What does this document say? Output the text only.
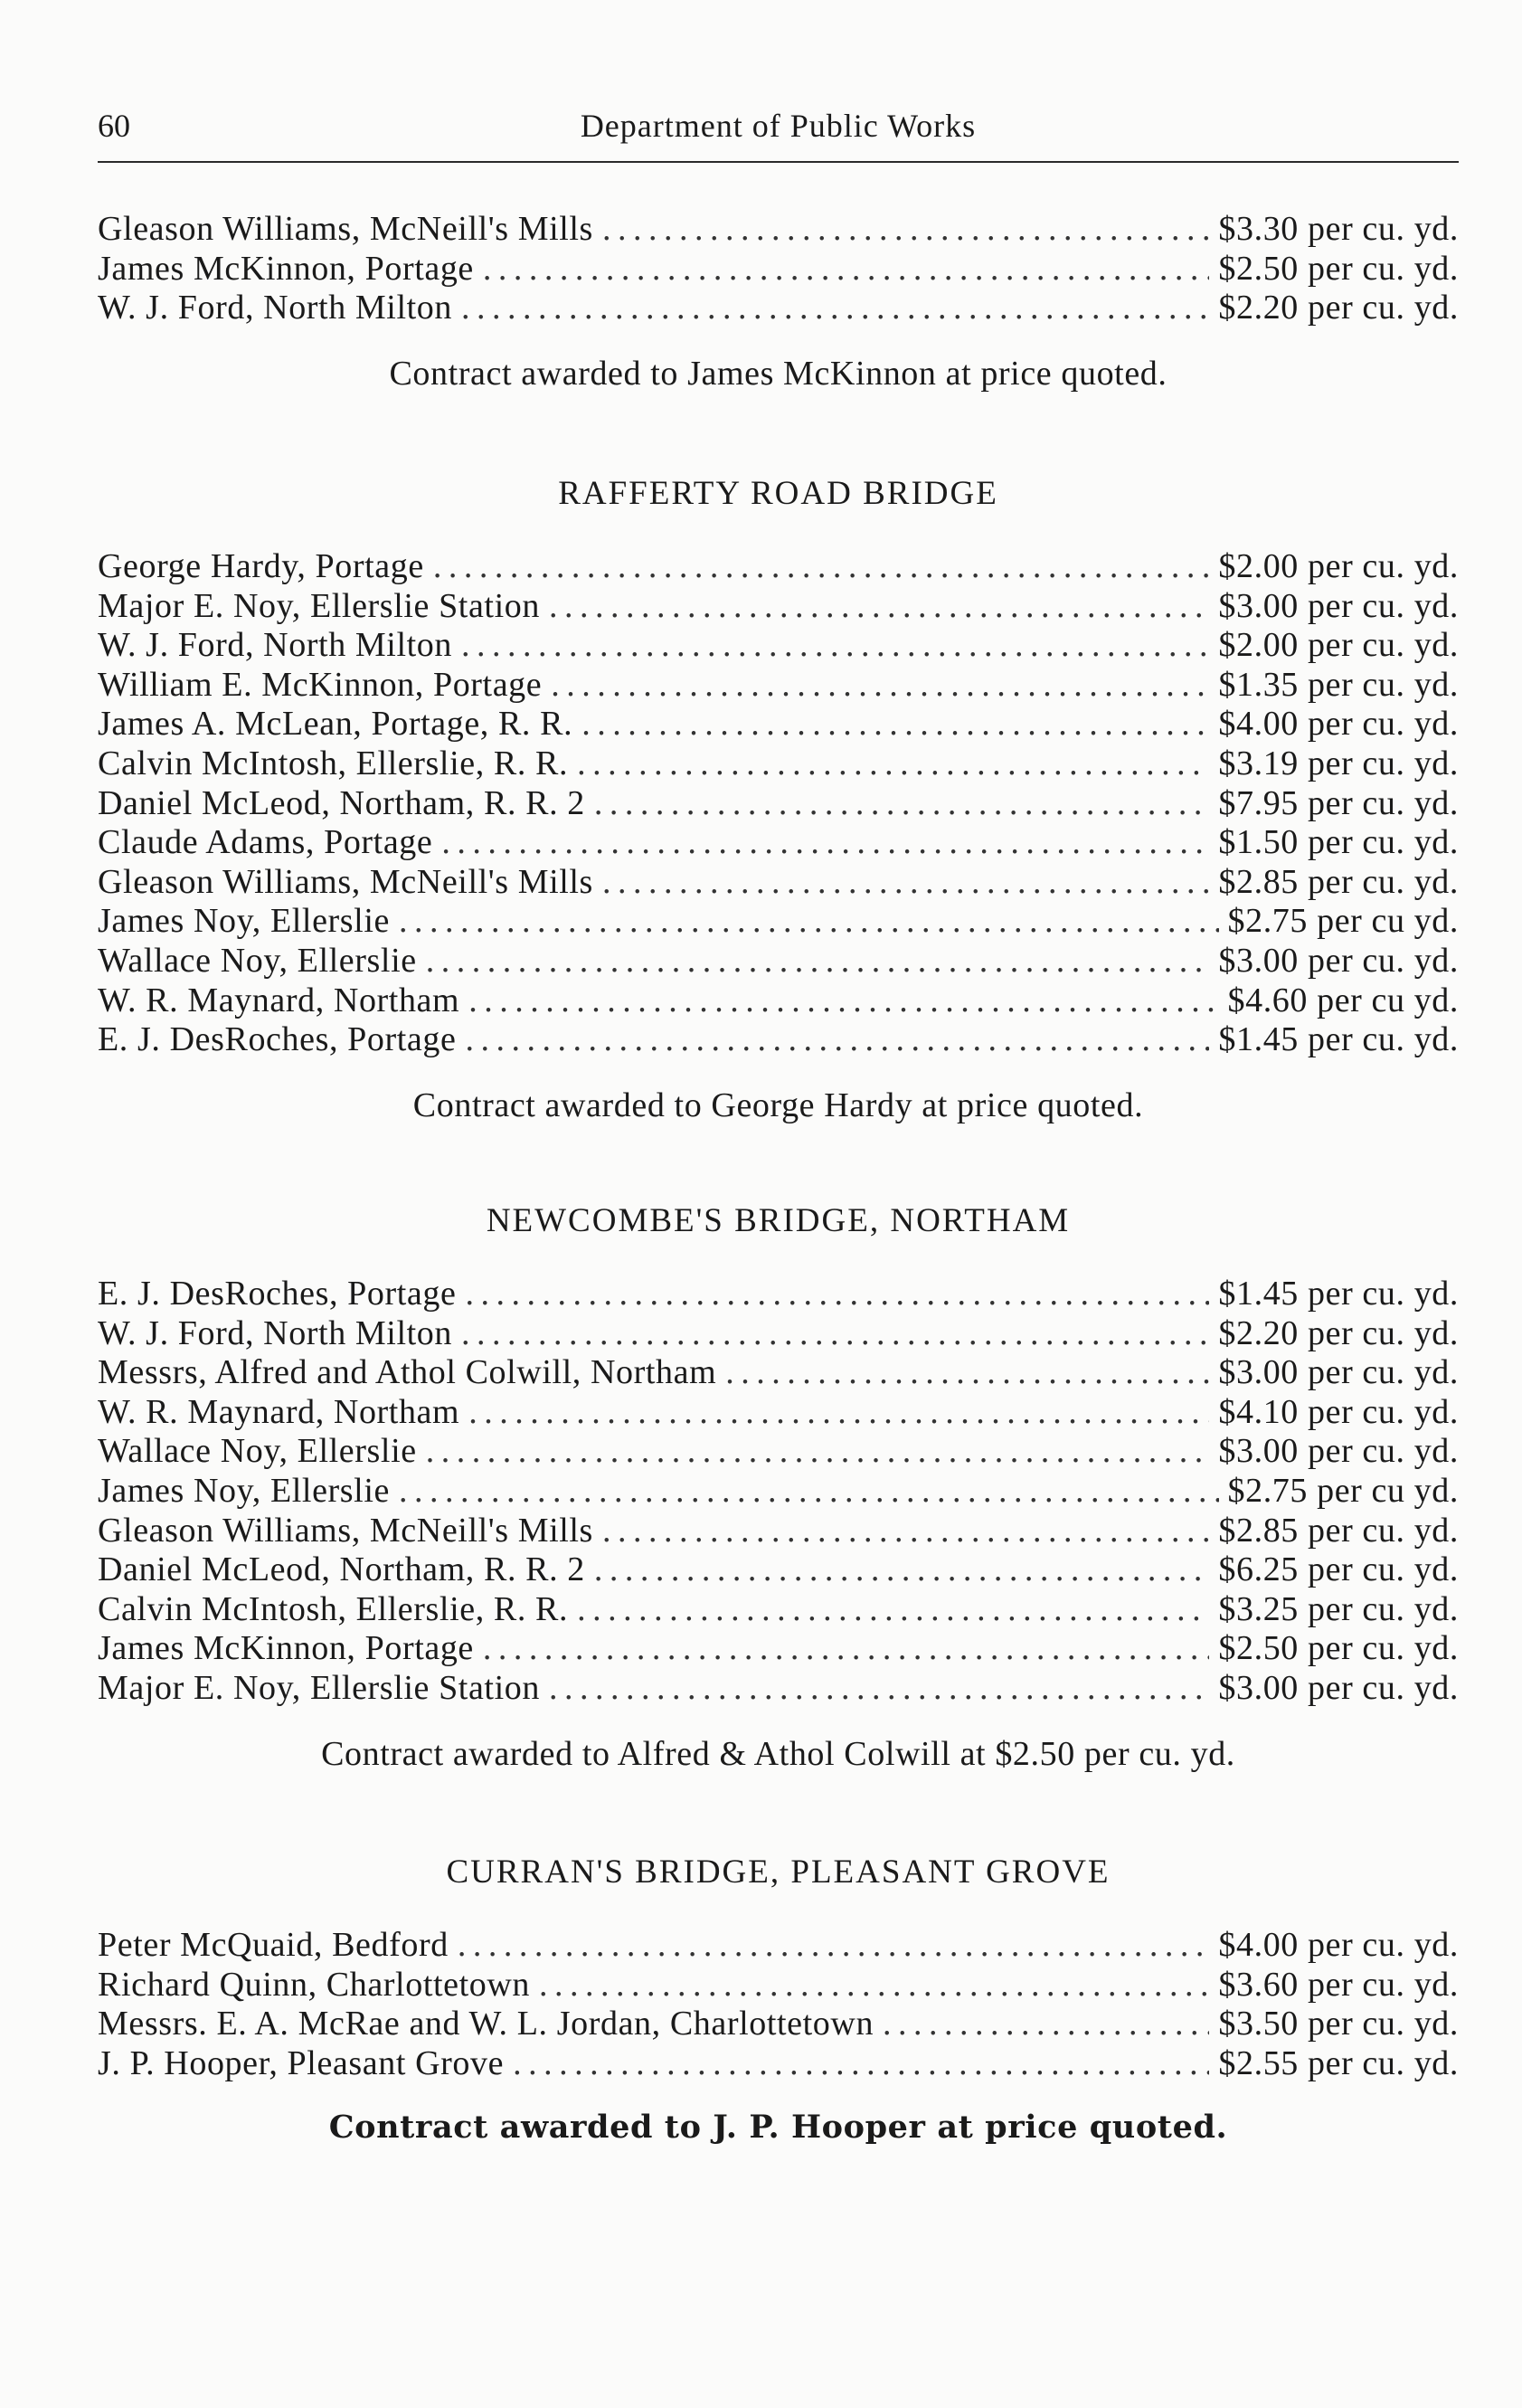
60	Department of Public Works
Gleason Williams, McNeill's Mills . . .	$3.30 per cu. yd.
James McKinnon, Portage . . .	$2.50 per cu. yd.
W. J. Ford, North Milton . . .	$2.20 per cu. yd.
Contract awarded to James McKinnon at price quoted.
RAFFERTY ROAD BRIDGE
George Hardy, Portage . . .	$2.00 per cu. yd.
Major E. Noy, Ellerslie Station . . .	$3.00 per cu. yd.
W. J. Ford, North Milton . . .	$2.00 per cu. yd.
William E. McKinnon, Portage . . .	$1.35 per cu. yd.
James A. McLean, Portage, R. R. . . .	$4.00 per cu. yd.
Calvin McIntosh, Ellerslie, R. R. . . .	$3.19 per cu. yd.
Daniel McLeod, Northam, R. R. 2 . . .	$7.95 per cu. yd.
Claude Adams, Portage . . .	$1.50 per cu. yd.
Gleason Williams, McNeill's Mills . . .	$2.85 per cu. yd.
James Noy, Ellerslie . . .	$2.75 per cu yd.
Wallace Noy, Ellerslie . . .	$3.00 per cu. yd.
W. R. Maynard, Northam . . .	$4.60 per cu yd.
E. J. DesRoches, Portage . . .	$1.45 per cu. yd.
Contract awarded to George Hardy at price quoted.
NEWCOMBE'S BRIDGE, NORTHAM
E. J. DesRoches, Portage . . .	$1.45 per cu. yd.
W. J. Ford, North Milton . . .	$2.20 per cu. yd.
Messrs, Alfred and Athol Colwill, Northam . . .	$3.00 per cu. yd.
W. R. Maynard, Northam . . .	$4.10 per cu. yd.
Wallace Noy, Ellerslie . . .	$3.00 per cu. yd.
James Noy, Ellerslie . . .	$2.75 per cu yd.
Gleason Williams, McNeill's Mills . . .	$2.85 per cu. yd.
Daniel McLeod, Northam, R. R. 2 . . .	$6.25 per cu. yd.
Calvin McIntosh, Ellerslie, R. R. . . .	$3.25 per cu. yd.
James McKinnon, Portage . . .	$2.50 per cu. yd.
Major E. Noy, Ellerslie Station . . .	$3.00 per cu. yd.
Contract awarded to Alfred & Athol Colwill at $2.50 per cu. yd.
CURRAN'S BRIDGE, PLEASANT GROVE
Peter McQuaid, Bedford . . .	$4.00 per cu. yd.
Richard Quinn, Charlottetown . . .	$3.60 per cu. yd.
Messrs. E. A. McRae and W. L. Jordan, Charlottetown . . .	$3.50 per cu. yd.
J. P. Hooper, Pleasant Grove . . .	$2.55 per cu. yd.
Contract awarded to J. P. Hooper at price quoted.
